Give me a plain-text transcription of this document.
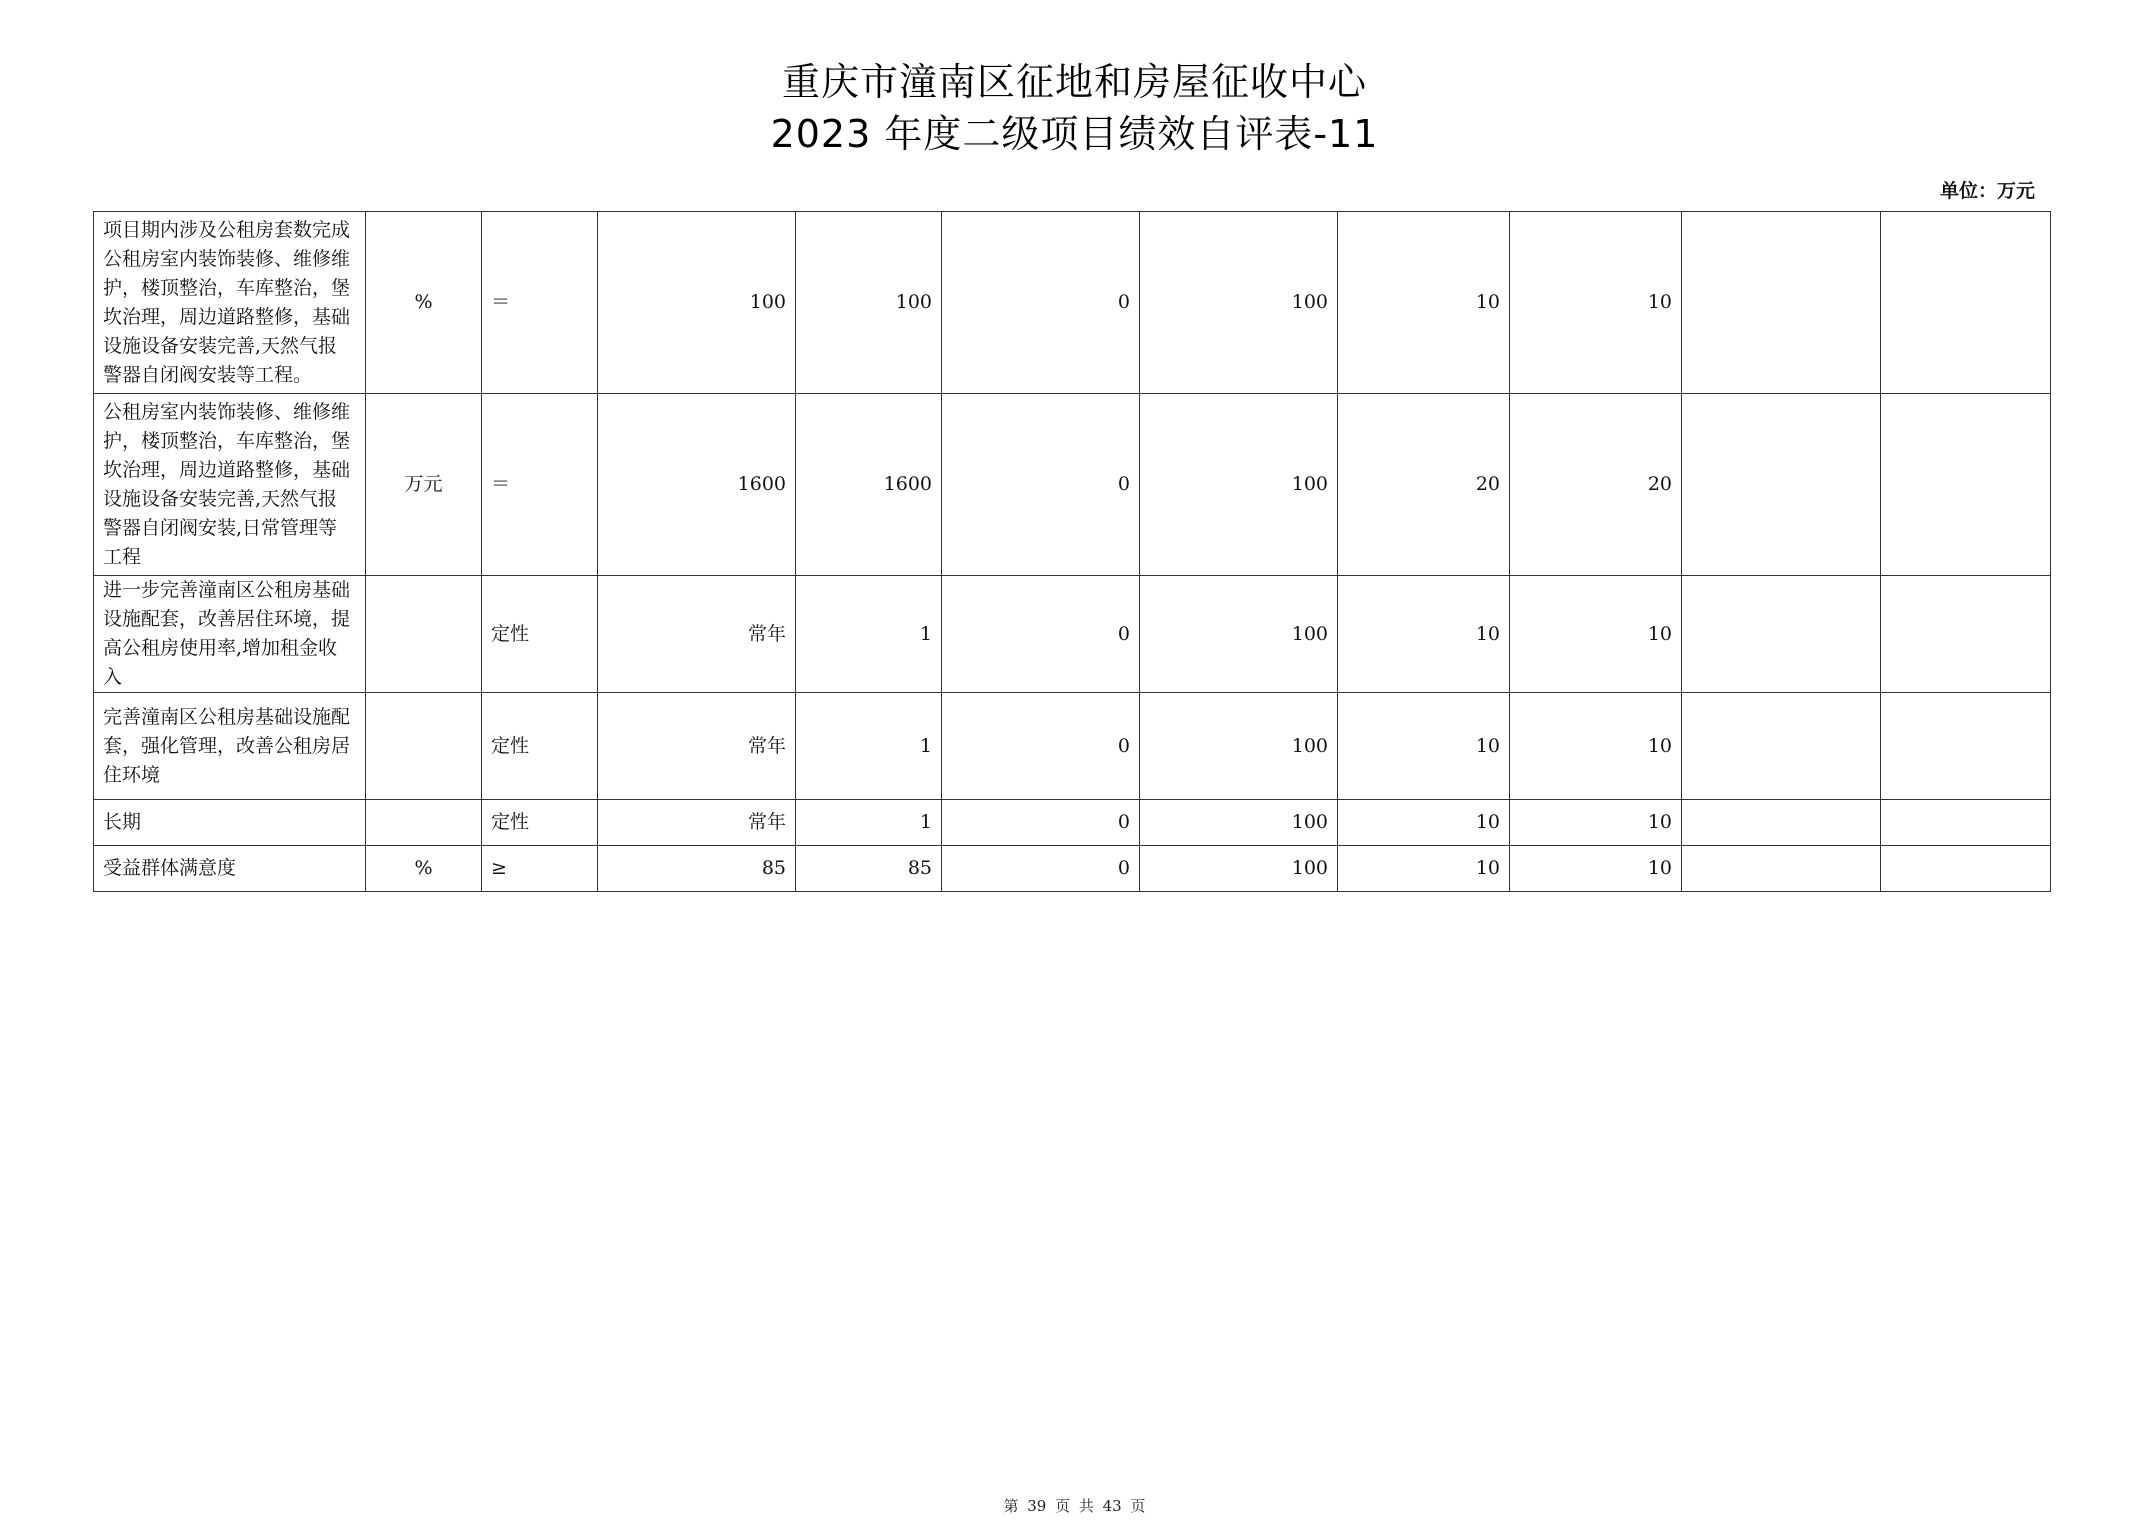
重庆市潼南区征地和房屋征收中心
2023 年度二级项目绩效自评表-11
单位：万元
项目期内涉及公租房套数完成公租房室内装饰装修、维修维护，楼顶整治，车库整治，堡坎治理，周边道路整修，基础设施设备安装完善,天然气报警器自闭阀安装等工程。	%	＝	100	100	0	100	10	10		
公租房室内装饰装修、维修维护，楼顶整治，车库整治，堡坎治理，周边道路整修，基础设施设备安装完善,天然气报警器自闭阀安装,日常管理等工程	万元	＝	1600	1600	0	100	20	20		
进一步完善潼南区公租房基础设施配套，改善居住环境，提高公租房使用率,增加租金收入		定性	常年	1	0	100	10	10		
完善潼南区公租房基础设施配套，强化管理，改善公租房居住环境		定性	常年	1	0	100	10	10		
长期		定性	常年	1	0	100	10	10		
受益群体满意度	%	≥	85	85	0	100	10	10		
第 39 页 共 43 页
